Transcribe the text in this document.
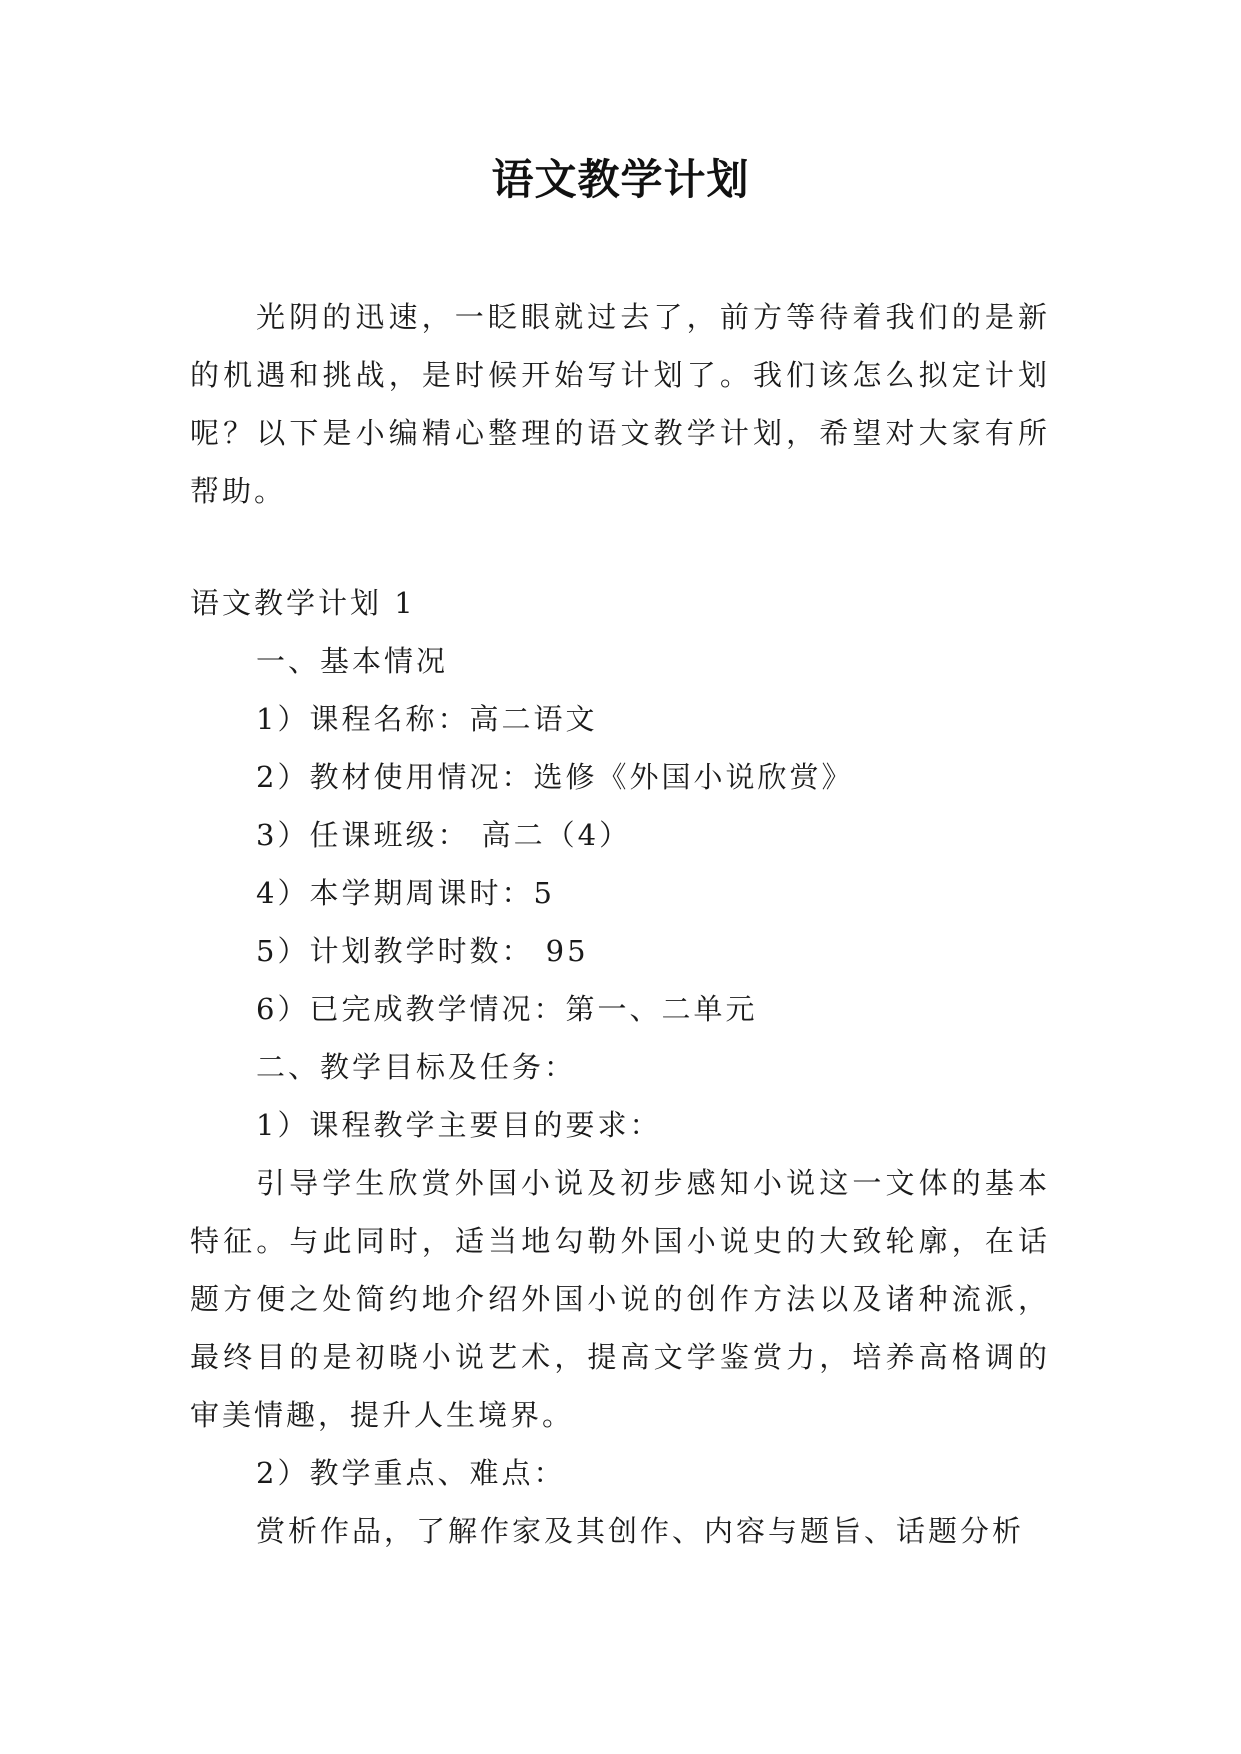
语文教学计划

光阴的迅速，一眨眼就过去了，前方等待着我们的是新的机遇和挑战，是时候开始写计划了。我们该怎么拟定计划呢？以下是小编精心整理的语文教学计划，希望对大家有所帮助。

语文教学计划 1

一、基本情况

1）课程名称：高二语文

2）教材使用情况：选修《外国小说欣赏》

3）任课班级： 高二（4）

4）本学期周课时：5

5）计划教学时数： 95

6）已完成教学情况：第一、二单元

二、教学目标及任务：

1）课程教学主要目的要求：

引导学生欣赏外国小说及初步感知小说这一文体的基本特征。与此同时，适当地勾勒外国小说史的大致轮廓，在话题方便之处简约地介绍外国小说的创作方法以及诸种流派，最终目的是初晓小说艺术，提高文学鉴赏力，培养高格调的审美情趣，提升人生境界。

2）教学重点、难点：

赏析作品，了解作家及其创作、内容与题旨、话题分析
